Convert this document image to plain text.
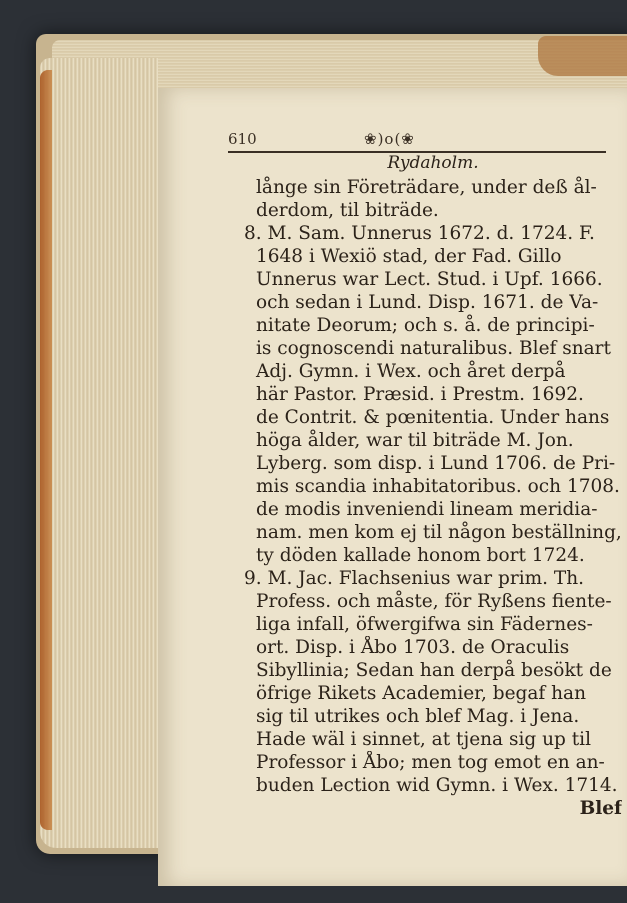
610	❀)o(❀
Rydaholm.
långe sin Företrädare, under deß ål-
derdom, til biträde.
8. M. Sam. Unnerus 1672. d. 1724. F.
1648 i Wexiö stad, der Fad. Gillo
Unnerus war Lect. Stud. i Upf. 1666.
och sedan i Lund. Disp. 1671. de Va-
nitate Deorum; och s. å. de principi-
is cognoscendi naturalibus. Blef snart
Adj. Gymn. i Wex. och året derpå
här Pastor. Præsid. i Prestm. 1692.
de Contrit. & pœnitentia. Under hans
höga ålder, war til biträde M. Jon.
Lyberg. som disp. i Lund 1706. de Pri-
mis scandia inhabitatoribus. och 1708.
de modis inveniendi lineam meridia-
nam. men kom ej til någon beställning,
ty döden kallade honom bort 1724.
9. M. Jac. Flachsenius war prim. Th.
Profess. och måste, för Ryßens fiente-
liga infall, öfwergifwa sin Fädernes-
ort. Disp. i Åbo 1703. de Oraculis
Sibyllinia; Sedan han derpå besökt de
öfrige Rikets Academier, begaf han
sig til utrikes och blef Mag. i Jena.
Hade wäl i sinnet, at tjena sig up til
Professor i Åbo; men tog emot en an-
buden Lection wid Gymn. i Wex. 1714.
Blef
